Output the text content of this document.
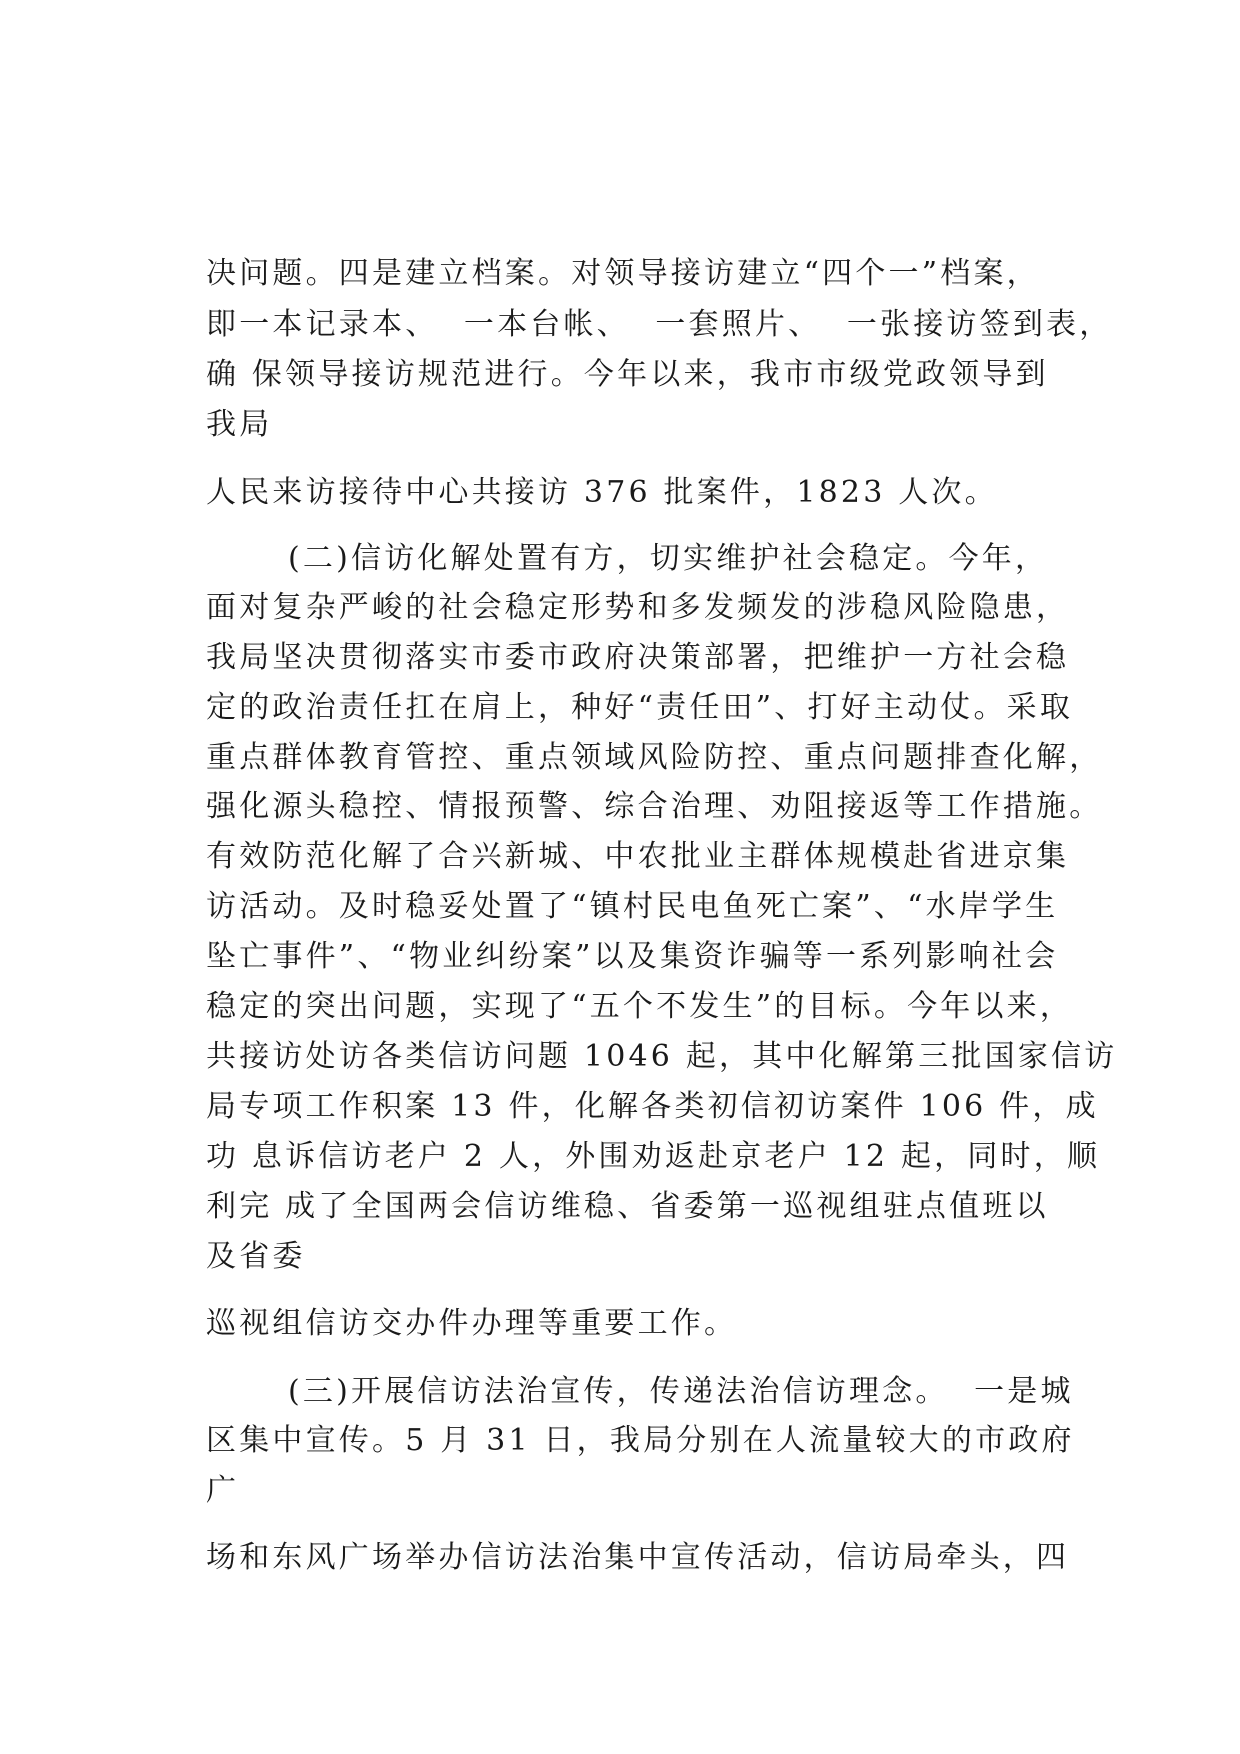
决问题。四是建立档案。对领导接访建立“四个一”档案，
即一本记录本、  一本台帐、  一套照片、  一张接访签到表，
确 保领导接访规范进行。今年以来，我市市级党政领导到
我局
人民来访接待中心共接访 376 批案件，1823 人次。
(二)信访化解处置有方，切实维护社会稳定。今年，
面对复杂严峻的社会稳定形势和多发频发的涉稳风险隐患，
我局坚决贯彻落实市委市政府决策部署，把维护一方社会稳
定的政治责任扛在肩上，种好“责任田”、打好主动仗。采取
重点群体教育管控、重点领域风险防控、重点问题排查化解，
强化源头稳控、情报预警、综合治理、劝阻接返等工作措施。
有效防范化解了合兴新城、中农批业主群体规模赴省进京集
访活动。及时稳妥处置了“镇村民电鱼死亡案”、“水岸学生
坠亡事件”、“物业纠纷案”以及集资诈骗等一系列影响社会
稳定的突出问题，实现了“五个不发生”的目标。今年以来，
共接访处访各类信访问题 1046 起，其中化解第三批国家信访
局专项工作积案 13 件，化解各类初信初访案件 106 件，成
功 息诉信访老户 2 人，外围劝返赴京老户 12 起，同时，顺
利完 成了全国两会信访维稳、省委第一巡视组驻点值班以
及省委
巡视组信访交办件办理等重要工作。
(三)开展信访法治宣传，传递法治信访理念。  一是城
区集中宣传。5 月 31 日，我局分别在人流量较大的市政府
广
场和东风广场举办信访法治集中宣传活动，信访局牵头，四
